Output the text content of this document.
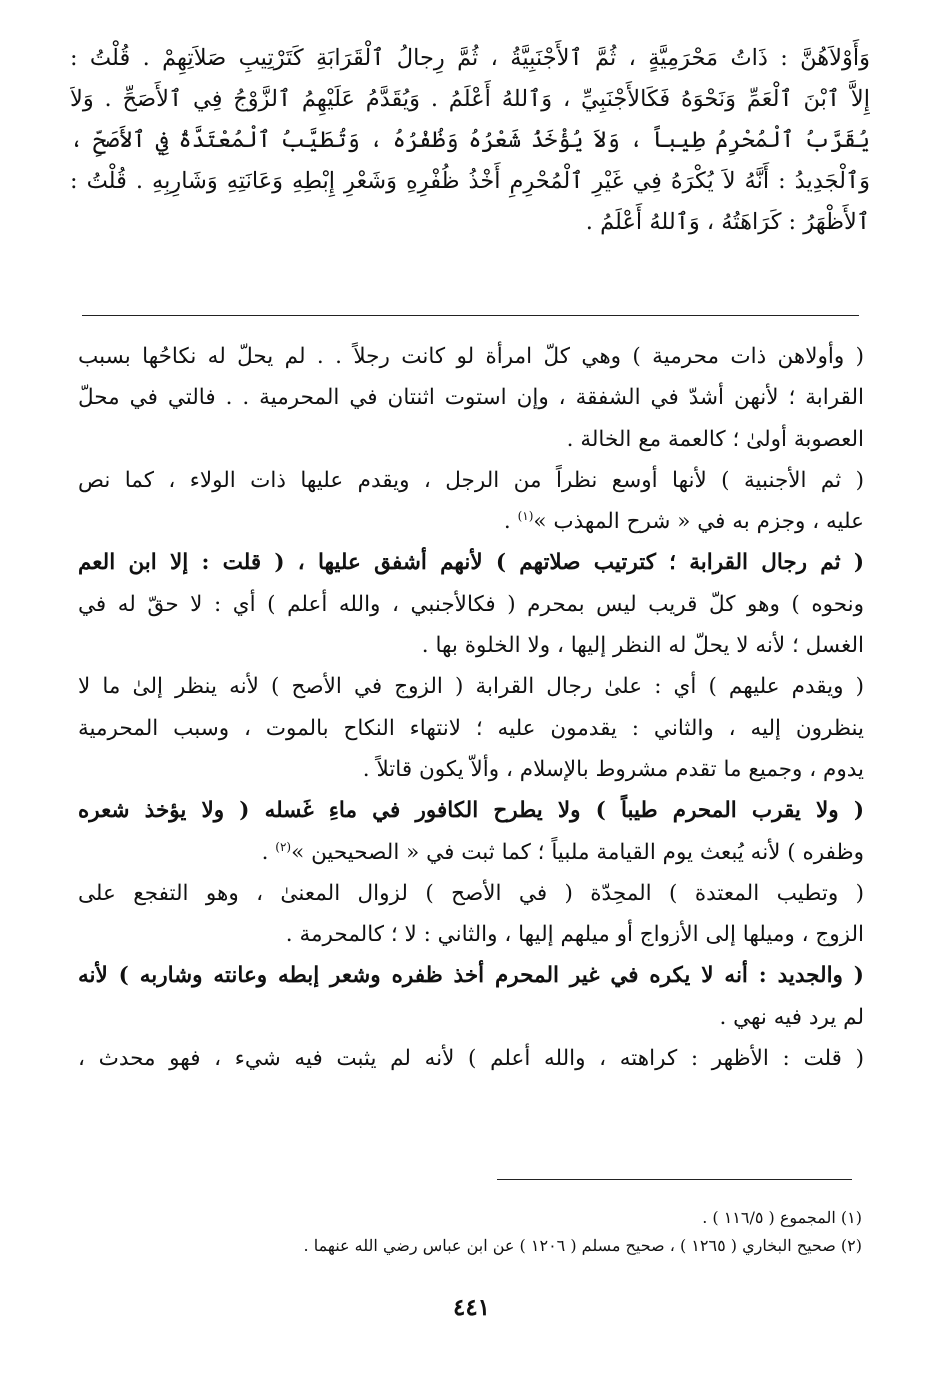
وَأَوْلاَهُنَّ : ذَاتُ مَحْرَمِيَّةٍ ، ثُمَّ ٱلأَجْنَبِيَّةُ ، ثُمَّ رِجالُ ٱلْقَرَابَةِ كَتَرْتِيبِ صَلاَتِهِمْ . قُلْتُ :
إِلاَّ ٱبْنَ ٱلْعَمِّ وَنَحْوَهُ فَكَالأَجْنَبِيِّ ، وَٱللهُ أَعْلَمُ . وَيُقَدَّمُ عَلَيْهِمُ ٱلزَّوْجُ فِي ٱلأَصَحِّ . وَلاَ
يُقَرَّبُ ٱلْمُحْرِمُ طِيباً ، وَلاَ يُؤْخَذُ شَعْرُهُ وَظُفْرُهُ ، وَتُطَيَّبُ ٱلْمُعْتَدَّةُ فِي ٱلأَصَحِّ ،
وَٱلْجَدِيدُ : أَنَّهُ لاَ يُكْرَهُ فِي غَيْرِ ٱلْمُحْرِمِ أَخْذُ ظُفْرِهِ وَشَعْرِ إِبْطِهِ وَعَانَتِهِ وَشَارِبِهِ . قُلْتُ :
ٱلأَظْهَرُ : كَرَاهَتُهُ ، وَٱللهُ أَعْلَمُ .
( وأولاهن ذات محرمية ) وهي كلّ امرأة لو كانت رجلاً . . لم يحلّ له نكاحُها بسبب
القرابة ؛ لأنهن أشدّ في الشفقة ، وإن استوت اثنتان في المحرمية . . فالتي في محلّ
العصوبة أولىٰ ؛ كالعمة مع الخالة .
( ثم الأجنبية ) لأنها أوسع نظراً من الرجل ، ويقدم عليها ذات الولاء ، كما نص
عليه ، وجزم به في « شرح المهذب »$^{(١)}$ .
( ثم رجال القرابة ؛ كترتيب صلاتهم ) لأنهم أشفق عليها ، ( قلت : إلا ابن العم
ونحوه ) وهو كلّ قريب ليس بمحرم ( فكالأجنبي ، والله أعلم ) أي : لا حقّ له في
الغسل ؛ لأنه لا يحلّ له النظر إليها ، ولا الخلوة بها .
( ويقدم عليهم ) أي : علىٰ رجال القرابة ( الزوج في الأصح ) لأنه ينظر إلىٰ ما لا
ينظرون إليه ، والثاني : يقدمون عليه ؛ لانتهاء النكاح بالموت ، وسبب المحرمية
يدوم ، وجميع ما تقدم مشروط بالإسلام ، وألاّ يكون قاتلاً .
( ولا يقرب المحرم طيباً ) ولا يطرح الكافور في ماءِ غَسله ( ولا يؤخذ شعره
وظفره ) لأنه يُبعث يوم القيامة ملبياً ؛ كما ثبت في « الصحيحين »$^{(٢)}$ .
( وتطيب المعتدة ) المحِدّة ( في الأصح ) لزوال المعنىٰ ، وهو التفجع على
الزوج ، وميلها إلى الأزواج أو ميلهم إليها ، والثاني : لا ؛ كالمحرمة .
( والجديد : أنه لا يكره في غير المحرم أخذ ظفره وشعر إبطه وعانته وشاربه ) لأنه
لم يرد فيه نهي .
( قلت : الأظهر : كراهته ، والله أعلم ) لأنه لم يثبت فيه شيء ، فهو محدث ،
(١) المجموع ( ١١٦/٥ ) .
(٢) صحيح البخاري ( ١٢٦٥ ) ، صحيح مسلم ( ١٢٠٦ ) عن ابن عباس رضي الله عنهما .
٤٤١
